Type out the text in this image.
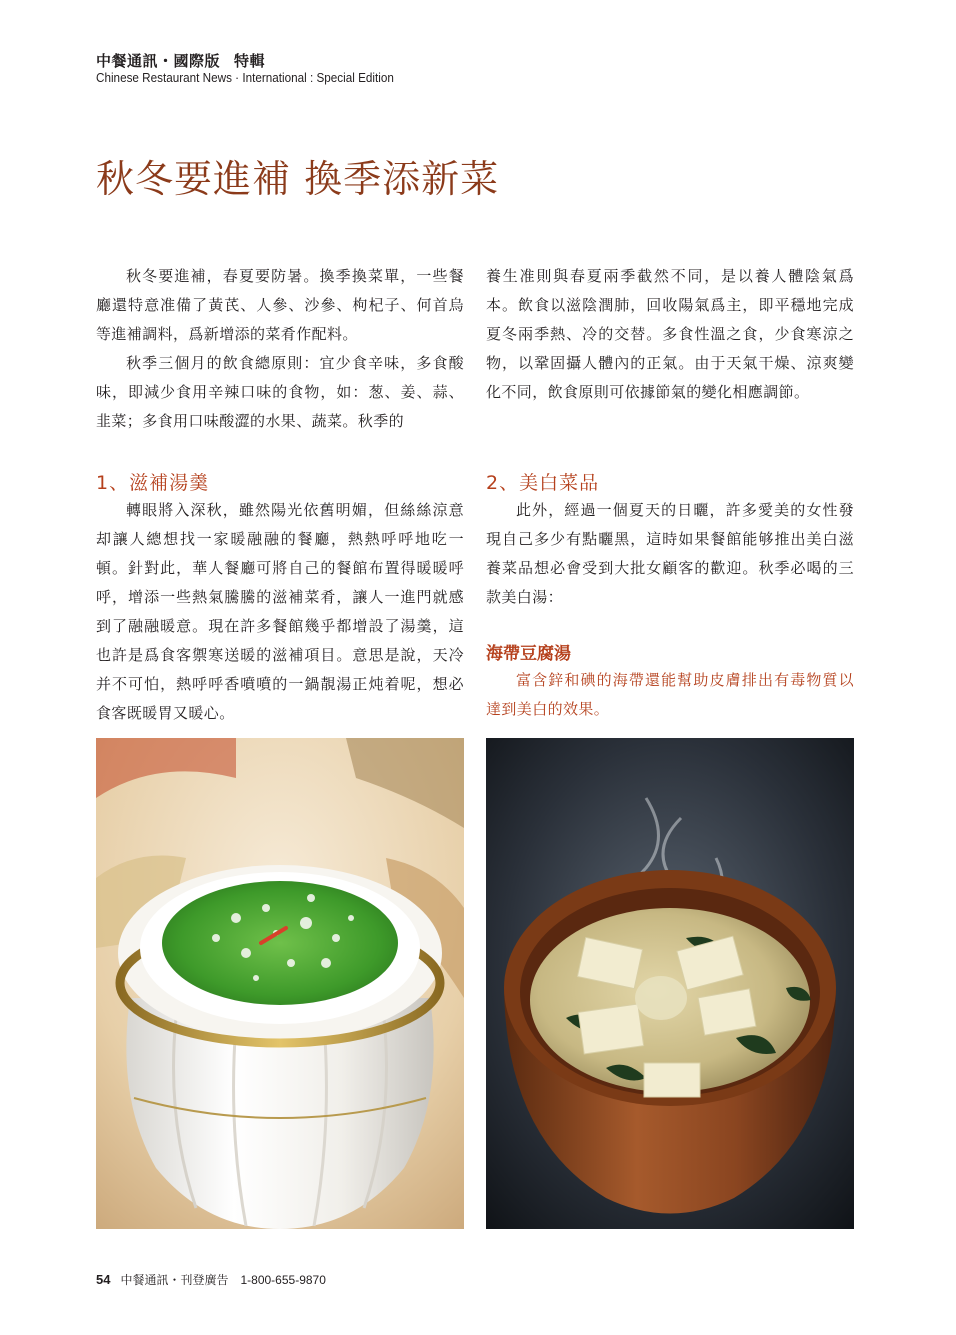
中餐通訊・國際版 特輯
Chinese Restaurant News · International : Special Edition
秋冬要進補 換季添新菜

秋冬要進補，春夏要防暑。換季換菜單，一些餐廳還特意准備了黃芪、人參、沙參、枸杞子、何首烏等進補調料，爲新增添的菜肴作配料。

秋季三個月的飲食總原則：宜少食辛味，多食酸味，即減少食用辛辣口味的食物，如：葱、姜、蒜、韭菜；多食用口味酸澀的水果、蔬菜。秋季的

養生准則與春夏兩季截然不同，是以養人體陰氣爲本。飲食以滋陰潤肺，回收陽氣爲主，即平穩地完成夏冬兩季熱、冷的交替。多食性溫之食，少食寒涼之物，以鞏固攝人體內的正氣。由于天氣干燥、涼爽變化不同，飲食原則可依據節氣的變化相應調節。

1、滋補湯羹

轉眼將入深秋，雖然陽光依舊明媚，但絲絲涼意却讓人總想找一家暖融融的餐廳，熱熱呼呼地吃一頓。針對此，華人餐廳可將自己的餐館布置得暖暖呼呼，增添一些熱氣騰騰的滋補菜肴，讓人一進門就感到了融融暖意。現在許多餐館幾乎都增設了湯羹，這也許是爲食客禦寒送暖的滋補項目。意思是說，天冷并不可怕，熱呼呼香噴噴的一鍋靚湯正炖着呢，想必食客既暖胃又暖心。

2、美白菜品

此外，經過一個夏天的日曬，許多愛美的女性發現自己多少有點曬黑，這時如果餐館能够推出美白滋養菜品想必會受到大批女顧客的歡迎。秋季必喝的三款美白湯：

海帶豆腐湯

富含鋅和碘的海帶還能幫助皮膚排出有毒物質以達到美白的效果。

54 中餐通訊・刊登廣告 1-800-655-9870
